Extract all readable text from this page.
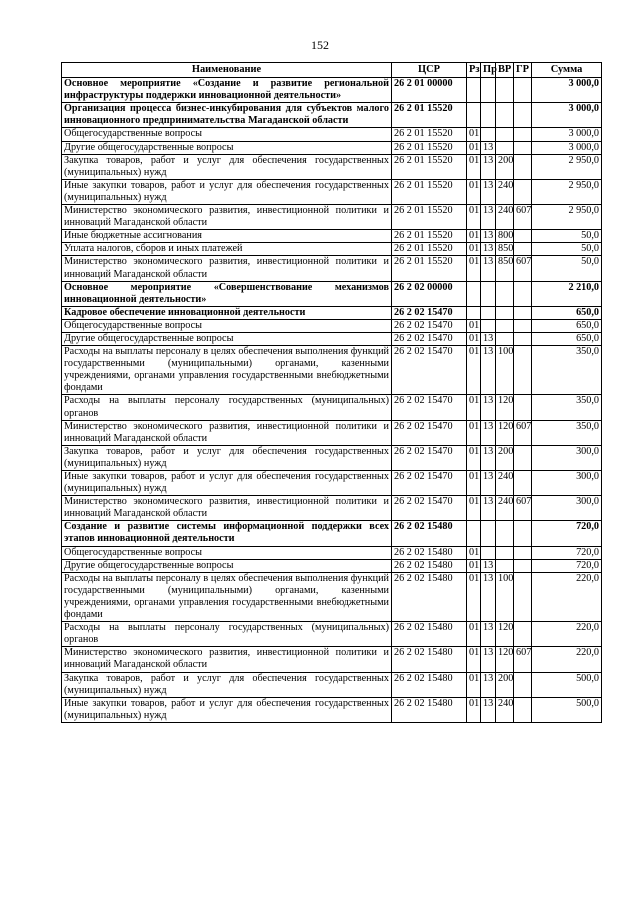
152
Наименование	ЦСР	Рз	Пр	ВР	ГР	Сумма
Основное мероприятие «Создание и развитие региональной инфраструктуры поддержки инновационной деятельности»	26 2 01 00000					3 000,0
Организация процесса бизнес-инкубирования для субъектов малого инновационного предпринимательства Магаданской области	26 2 01 15520					3 000,0
Общегосударственные вопросы	26 2 01 15520	01				3 000,0
Другие общегосударственные вопросы	26 2 01 15520	01	13			3 000,0
Закупка товаров, работ и услуг для обеспечения государственных (муниципальных) нужд	26 2 01 15520	01	13	200		2 950,0
Иные закупки товаров, работ и услуг для обеспечения государственных (муниципальных) нужд	26 2 01 15520	01	13	240		2 950,0
Министерство экономического развития, инвестиционной политики и инноваций Магаданской области	26 2 01 15520	01	13	240	607	2 950,0
Иные бюджетные ассигнования	26 2 01 15520	01	13	800		50,0
Уплата налогов, сборов и иных платежей	26 2 01 15520	01	13	850		50,0
Министерство экономического развития, инвестиционной политики и инноваций Магаданской области	26 2 01 15520	01	13	850	607	50,0
Основное мероприятие «Совершенствование механизмов инновационной деятельности»	26 2 02 00000					2 210,0
Кадровое обеспечение инновационной деятельности	26 2 02 15470					650,0
Общегосударственные вопросы	26 2 02 15470	01				650,0
Другие общегосударственные вопросы	26 2 02 15470	01	13			650,0
Расходы на выплаты персоналу в целях обеспечения выполнения функций государственными (муниципальными) органами, казенными учреждениями, органами управления государственными внебюджетными фондами	26 2 02 15470	01	13	100		350,0
Расходы на выплаты персоналу государственных (муниципальных) органов	26 2 02 15470	01	13	120		350,0
Министерство экономического развития, инвестиционной политики и инноваций Магаданской области	26 2 02 15470	01	13	120	607	350,0
Закупка товаров, работ и услуг для обеспечения государственных (муниципальных) нужд	26 2 02 15470	01	13	200		300,0
Иные закупки товаров, работ и услуг для обеспечения государственных (муниципальных) нужд	26 2 02 15470	01	13	240		300,0
Министерство экономического развития, инвестиционной политики и инноваций Магаданской области	26 2 02 15470	01	13	240	607	300,0
Создание и развитие системы информационной поддержки всех этапов инновационной деятельности	26 2 02 15480					720,0
Общегосударственные вопросы	26 2 02 15480	01				720,0
Другие общегосударственные вопросы	26 2 02 15480	01	13			720,0
Расходы на выплаты персоналу в целях обеспечения выполнения функций государственными (муниципальными) органами, казенными учреждениями, органами управления государственными внебюджетными фондами	26 2 02 15480	01	13	100		220,0
Расходы на выплаты персоналу государственных (муниципальных) органов	26 2 02 15480	01	13	120		220,0
Министерство экономического развития, инвестиционной политики и инноваций Магаданской области	26 2 02 15480	01	13	120	607	220,0
Закупка товаров, работ и услуг для обеспечения государственных (муниципальных) нужд	26 2 02 15480	01	13	200		500,0
Иные закупки товаров, работ и услуг для обеспечения государственных (муниципальных) нужд	26 2 02 15480	01	13	240		500,0
